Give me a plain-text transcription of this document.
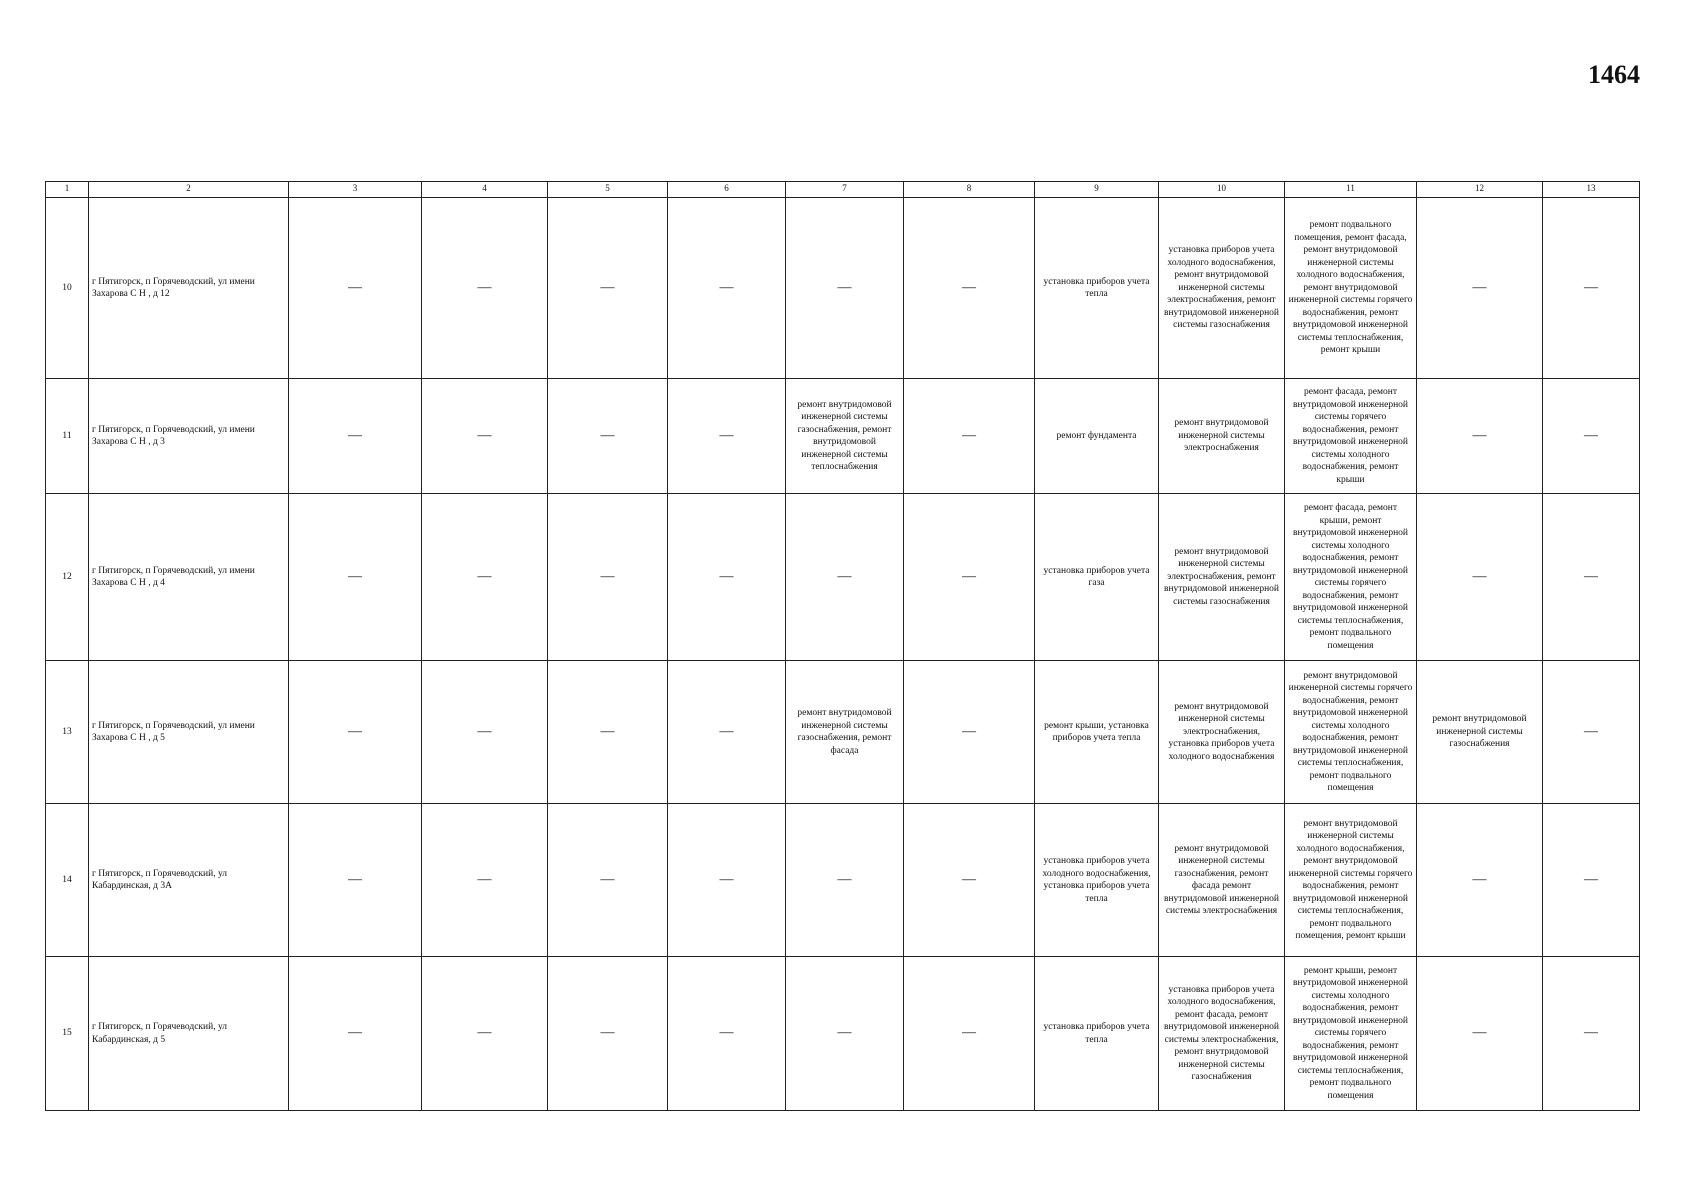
1464
1	2	3	4	5	6	7	8	9	10	11	12	13
10	г Пятигорск, п Горячеводский, ул имени Захарова С Н , д 12	—	—	—	—	—	—	установка приборов учета тепла	установка приборов учета холодного водоснабжения, ремонт внутридомовой инженерной системы электроснабжения, ремонт внутридомовой инженерной системы газоснабжения	ремонт подвального помещения, ремонт фасада, ремонт внутридомовой инженерной системы холодного водоснабжения, ремонт внутридомовой инженерной системы горячего водоснабжения, ремонт внутридомовой инженерной системы теплоснабжения, ремонт крыши	—	—
11	г Пятигорск, п Горячеводский, ул имени Захарова С Н , д 3	—	—	—	—	ремонт внутридомовой инженерной системы газоснабжения, ремонт внутридомовой инженерной системы теплоснабжения	—	ремонт фундамента	ремонт внутридомовой инженерной системы электроснабжения	ремонт фасада, ремонт внутридомовой инженерной системы горячего водоснабжения, ремонт внутридомовой инженерной системы холодного водоснабжения, ремонт крыши	—	—
12	г Пятигорск, п Горячеводский, ул имени Захарова С Н , д 4	—	—	—	—	—	—	установка приборов учета газа	ремонт внутридомовой инженерной системы электроснабжения, ремонт внутридомовой инженерной системы газоснабжения	ремонт фасада, ремонт крыши, ремонт внутридомовой инженерной системы холодного водоснабжения, ремонт внутридомовой инженерной системы горячего водоснабжения, ремонт внутридомовой инженерной системы теплоснабжения, ремонт подвального помещения	—	—
13	г Пятигорск, п Горячеводский, ул имени Захарова С Н , д 5	—	—	—	—	ремонт внутридомовой инженерной системы газоснабжения, ремонт фасада	—	ремонт крыши, установка приборов учета тепла	ремонт внутридомовой инженерной системы электроснабжения, установка приборов учета холодного водоснабжения	ремонт внутридомовой инженерной системы горячего водоснабжения, ремонт внутридомовой инженерной системы холодного водоснабжения, ремонт внутридомовой инженерной системы теплоснабжения, ремонт подвального помещения	ремонт внутридомовой инженерной системы газоснабжения	—
14	г Пятигорск, п Горячеводский, ул Кабардинская, д 3А	—	—	—	—	—	—	установка приборов учета холодного водоснабжения, установка приборов учета тепла	ремонт внутридомовой инженерной системы газоснабжения, ремонт фасада ремонт внутридомовой инженерной системы электроснабжения	ремонт внутридомовой инженерной системы холодного водоснабжения, ремонт внутридомовой инженерной системы горячего водоснабжения, ремонт внутридомовой инженерной системы теплоснабжения, ремонт подвального помещения, ремонт крыши	—	—
15	г Пятигорск, п Горячеводский, ул Кабардинская, д 5	—	—	—	—	—	—	установка приборов учета тепла	установка приборов учета холодного водоснабжения, ремонт фасада, ремонт внутридомовой инженерной системы электроснабжения, ремонт внутридомовой инженерной системы газоснабжения	ремонт крыши, ремонт внутридомовой инженерной системы холодного водоснабжения, ремонт внутридомовой инженерной системы горячего водоснабжения, ремонт внутридомовой инженерной системы теплоснабжения, ремонт подвального помещения	—	—
